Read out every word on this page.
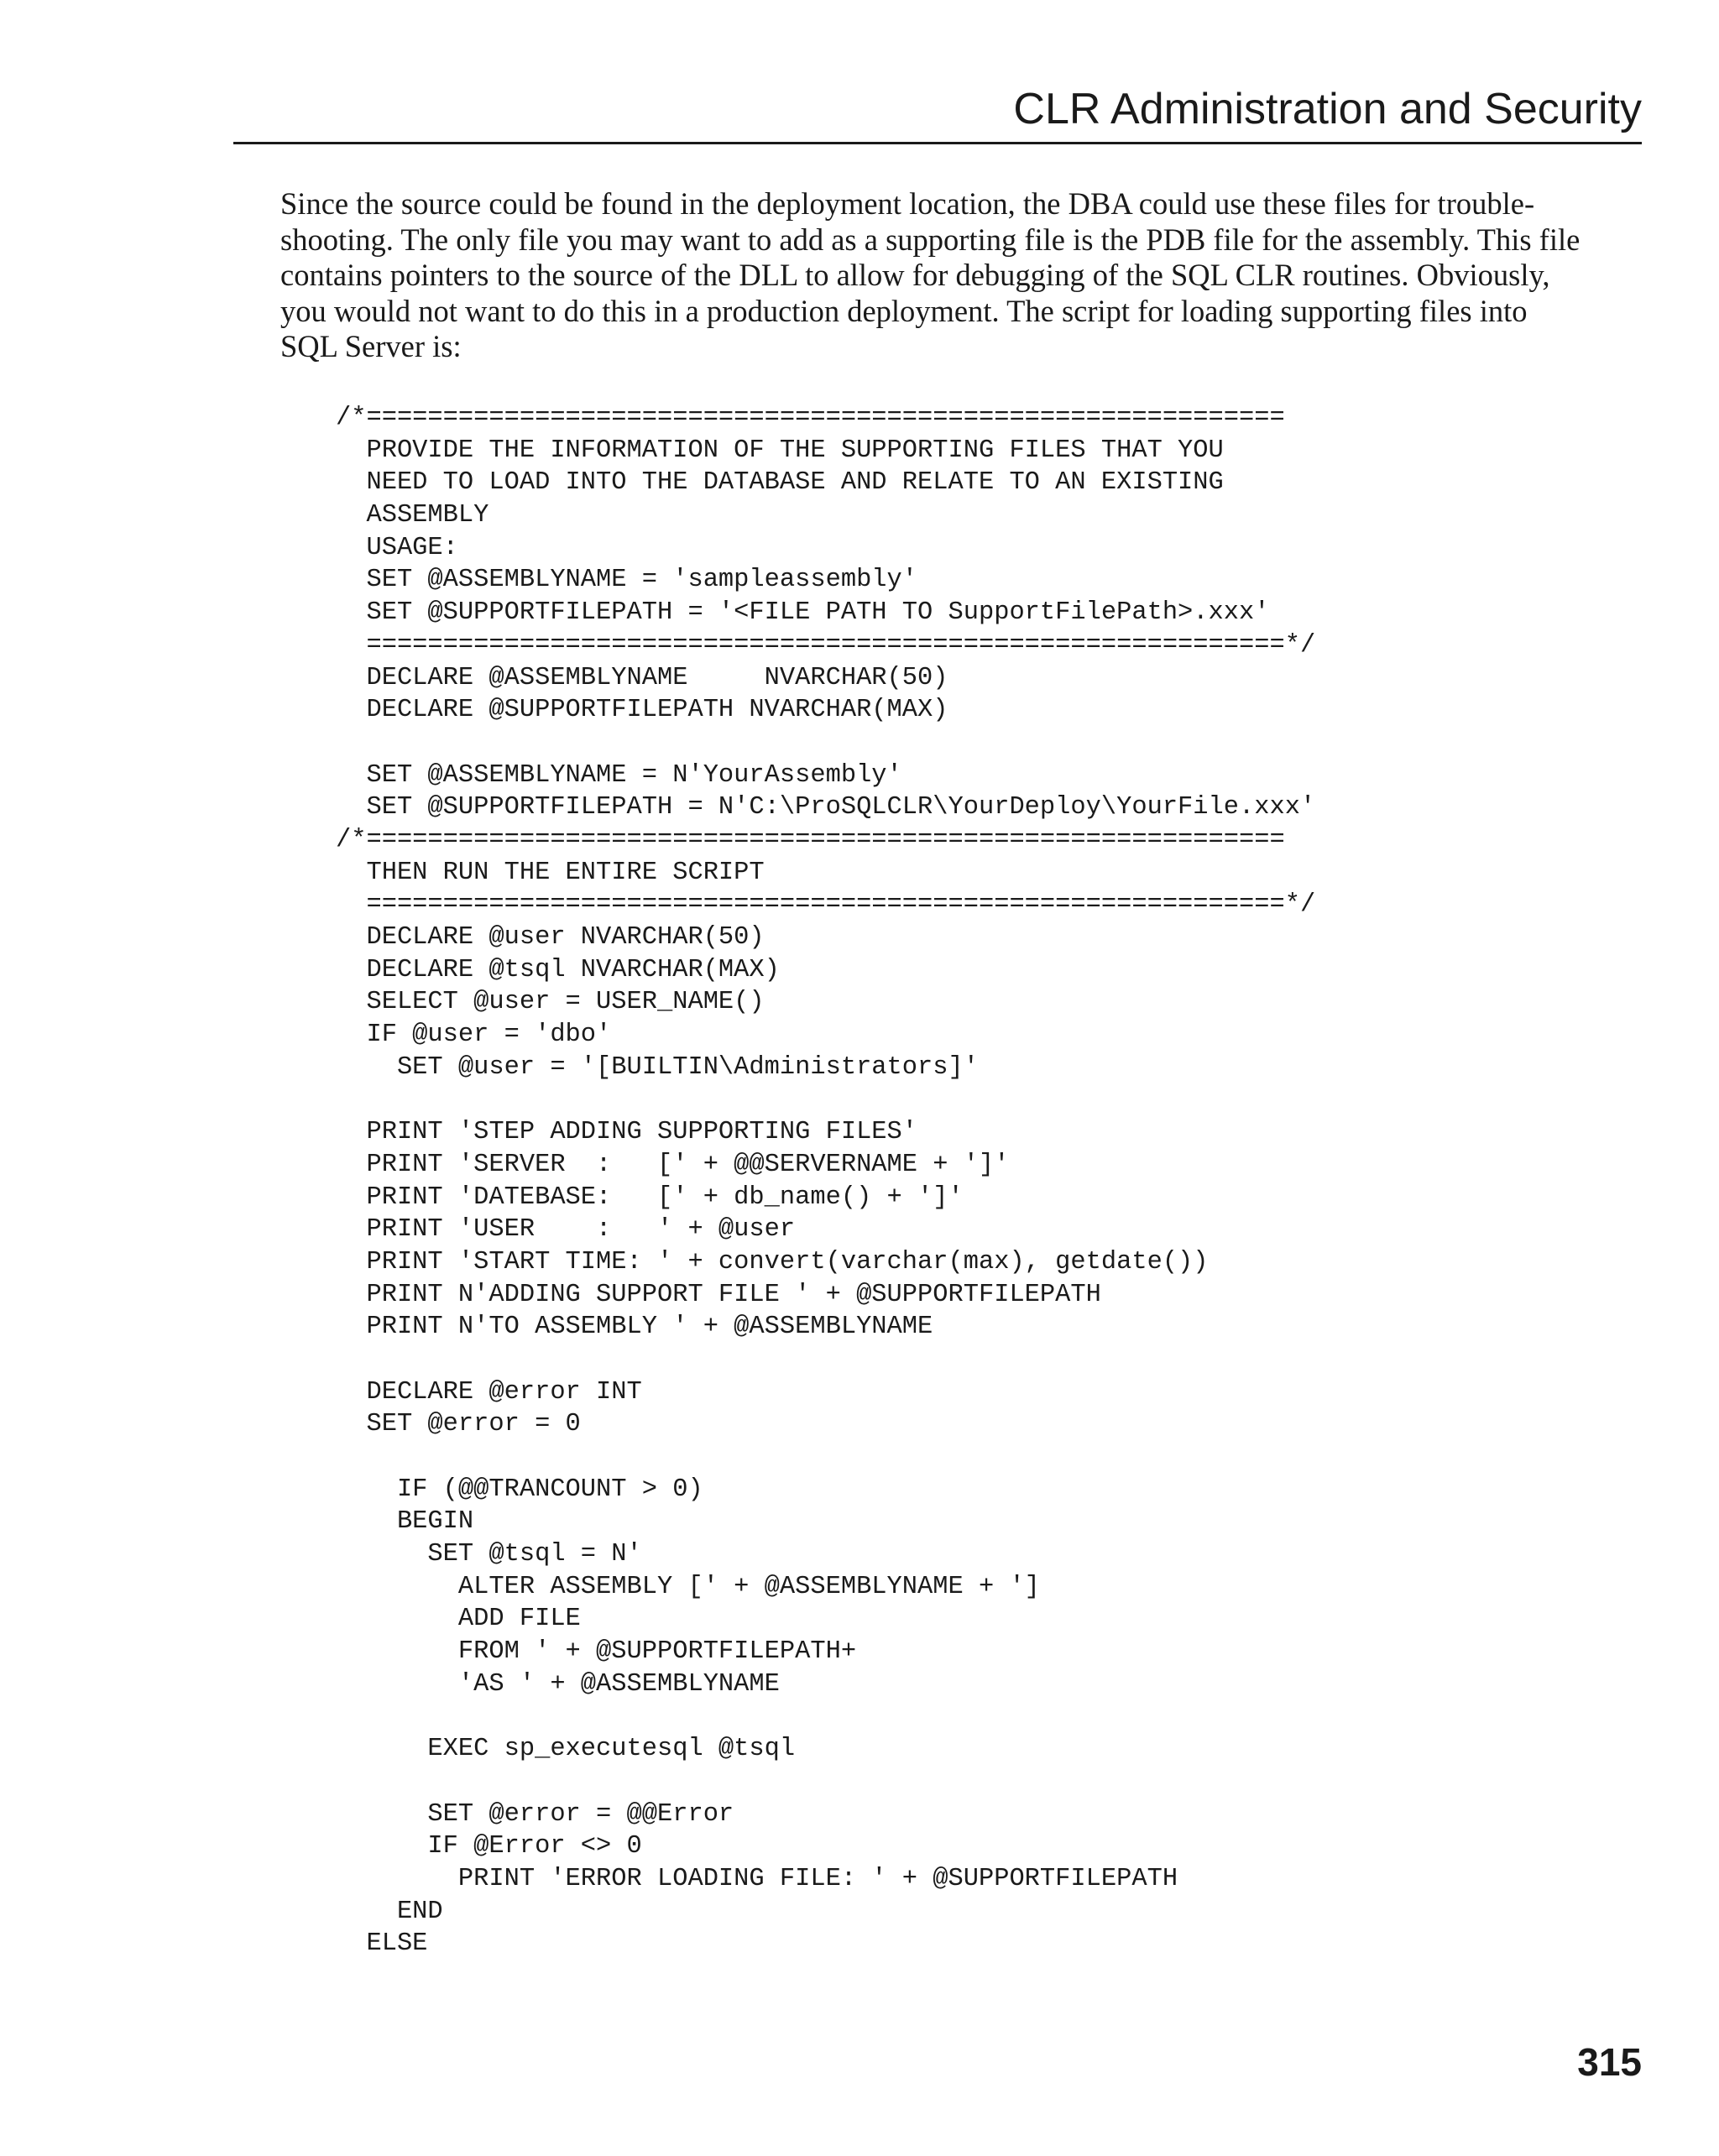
CLR Administration and Security
Since the source could be found in the deployment location, the DBA could use these files for trouble-
shooting. The only file you may want to add as a supporting file is the PDB file for the assembly. This file
contains pointers to the source of the DLL to allow for debugging of the SQL CLR routines. Obviously,
you would not want to do this in a production deployment. The script for loading supporting files into
SQL Server is:
/*============================================================
PROVIDE THE INFORMATION OF THE SUPPORTING FILES THAT YOU
NEED TO LOAD INTO THE DATABASE AND RELATE TO AN EXISTING
ASSEMBLY
USAGE:
SET @ASSEMBLYNAME = 'sampleassembly'
SET @SUPPORTFILEPATH = '<FILE PATH TO SupportFilePath>.xxx'
============================================================*/
DECLARE @ASSEMBLYNAME     NVARCHAR(50)
DECLARE @SUPPORTFILEPATH NVARCHAR(MAX)
SET @ASSEMBLYNAME = N'YourAssembly'
SET @SUPPORTFILEPATH = N'C:\ProSQLCLR\YourDeploy\YourFile.xxx'
/*============================================================
THEN RUN THE ENTIRE SCRIPT
============================================================*/
DECLARE @user NVARCHAR(50)
DECLARE @tsql NVARCHAR(MAX)
SELECT @user = USER_NAME()
IF @user = 'dbo'
SET @user = '[BUILTIN\Administrators]'
PRINT 'STEP ADDING SUPPORTING FILES'
PRINT 'SERVER  :   [' + @@SERVERNAME + ']'
PRINT 'DATEBASE:   [' + db_name() + ']'
PRINT 'USER    :   ' + @user
PRINT 'START TIME: ' + convert(varchar(max), getdate())
PRINT N'ADDING SUPPORT FILE ' + @SUPPORTFILEPATH
PRINT N'TO ASSEMBLY ' + @ASSEMBLYNAME
DECLARE @error INT
SET @error = 0
IF (@@TRANCOUNT > 0)
BEGIN
SET @tsql = N'
ALTER ASSEMBLY [' + @ASSEMBLYNAME + ']
ADD FILE
FROM ' + @SUPPORTFILEPATH+
'AS ' + @ASSEMBLYNAME
EXEC sp_executesql @tsql
SET @error = @@Error
IF @Error <> 0
PRINT 'ERROR LOADING FILE: ' + @SUPPORTFILEPATH
END
ELSE
315
